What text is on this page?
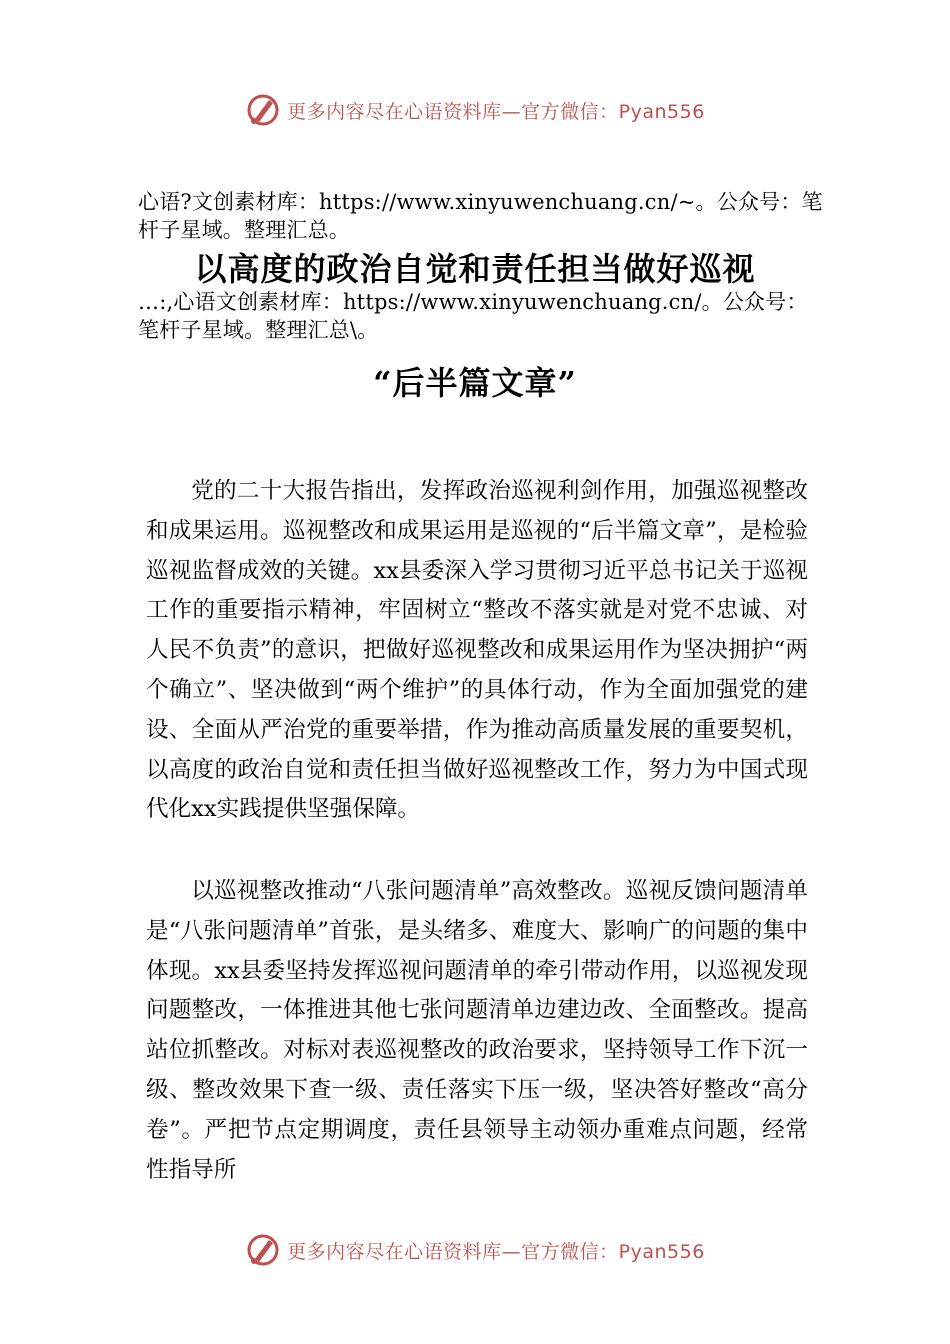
更多内容尽在心语资料库—官方微信：Pyan556
心语?文创素材库：https://www.xinyuwenchuang.cn/~。公众号：笔杆子星域。整理汇总。
以高度的政治自觉和责任担当做好巡视
…:,心语文创素材库：https://www.xinyuwenchuang.cn/。公众号：笔杆子星域。整理汇总\。
“后半篇文章”
党的二十大报告指出，发挥政治巡视利剑作用，加强巡视整改和成果运用。巡视整改和成果运用是巡视的“后半篇文章”，是检验巡视监督成效的关键。xx县委深入学习贯彻习近平总书记关于巡视工作的重要指示精神，牢固树立“整改不落实就是对党不忠诚、对人民不负责”的意识，把做好巡视整改和成果运用作为坚决拥护“两个确立”、坚决做到“两个维护”的具体行动，作为全面加强党的建设、全面从严治党的重要举措，作为推动高质量发展的重要契机，以高度的政治自觉和责任担当做好巡视整改工作，努力为中国式现代化xx实践提供坚强保障。
以巡视整改推动“八张问题清单”高效整改。巡视反馈问题清单是“八张问题清单”首张，是头绪多、难度大、影响广的问题的集中体现。xx县委坚持发挥巡视问题清单的牵引带动作用，以巡视发现问题整改，一体推进其他七张问题清单边建边改、全面整改。提高站位抓整改。对标对表巡视整改的政治要求，坚持领导工作下沉一级、整改效果下查一级、责任落实下压一级，坚决答好整改“高分卷”。严把节点定期调度，责任县领导主动领办重难点问题，经常性指导所
更多内容尽在心语资料库—官方微信：Pyan556
